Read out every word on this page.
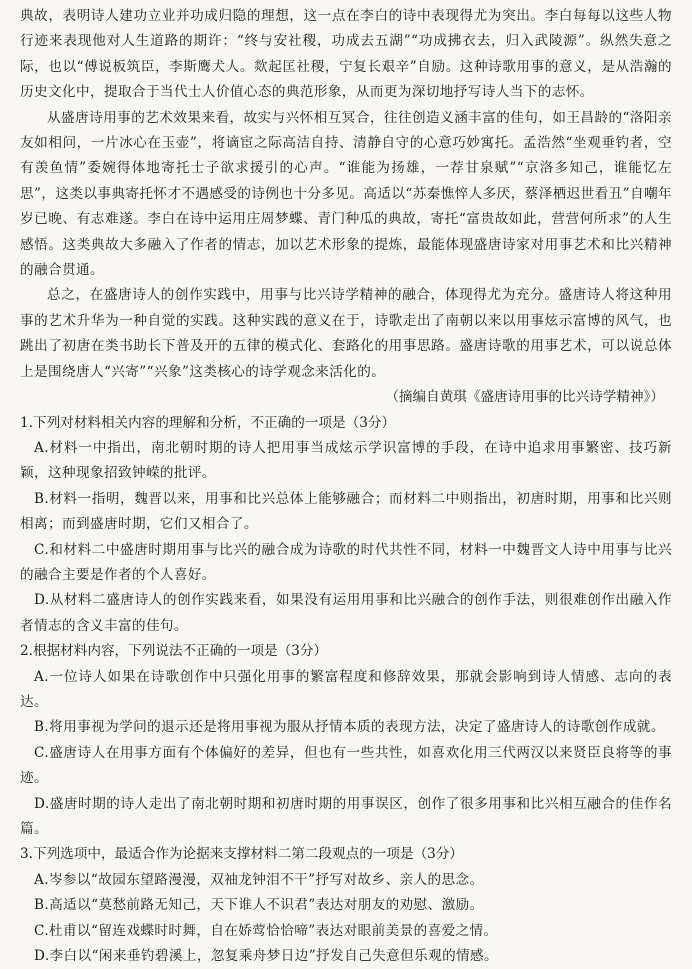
典故，表明诗人建功立业并功成归隐的理想，这一点在李白的诗中表现得尤为突出。李白每每以这些人物行迹来表现他对人生道路的期许：“终与安社稷，功成去五湖”“功成拂衣去，归入武陵源”。纵然失意之际，也以“傅说板筑臣，李斯鹰犬人。欻起匡社稷，宁复长艰辛”自励。这种诗歌用事的意义，是从浩瀚的历史文化中，提取合于当代士人价值心态的典范形象，从而更为深切地抒写诗人当下的志怀。

从盛唐诗用事的艺术效果来看，故实与兴怀相互冥合，往往创造义涵丰富的佳句，如王昌龄的“洛阳亲友如相问，一片冰心在玉壶”，将谪宦之际高洁自持、清静自守的心意巧妙寓托。孟浩然“坐观垂钓者，空有羡鱼情”委婉得体地寄托士子欲求援引的心声。“谁能为扬雄，一荐甘泉赋”“京洛多知己，谁能忆左思”，这类以事典寄托怀才不遇感受的诗例也十分多见。高适以“苏秦憔悴人多厌，蔡泽栖迟世看丑”自嘲年岁已晚、有志难遂。李白在诗中运用庄周梦蝶、青门种瓜的典故，寄托“富贵故如此，营营何所求”的人生感悟。这类典故大多融入了作者的情志，加以艺术形象的提炼，最能体现盛唐诗家对用事艺术和比兴精神的融合贯通。

总之，在盛唐诗人的创作实践中，用事与比兴诗学精神的融合，体现得尤为充分。盛唐诗人将这种用事的艺术升华为一种自觉的实践。这种实践的意义在于，诗歌走出了南朝以来以用事炫示富博的风气，也跳出了初唐在类书助长下普及开的五律的模式化、套路化的用事思路。盛唐诗歌的用事艺术，可以说总体上是围绕唐人“兴寄”“兴象”这类核心的诗学观念来活化的。

（摘编自黄琪《盛唐诗用事的比兴诗学精神》）

1.下列对材料相关内容的理解和分析，不正确的一项是（3分）

A.材料一中指出，南北朝时期的诗人把用事当成炫示学识富博的手段，在诗中追求用事繁密、技巧新颖，这种现象招致钟嵘的批评。

B.材料一指明，魏晋以来，用事和比兴总体上能够融合；而材料二中则指出，初唐时期，用事和比兴则相离；而到盛唐时期，它们又相合了。

C.和材料二中盛唐时期用事与比兴的融合成为诗歌的时代共性不同，材料一中魏晋文人诗中用事与比兴的融合主要是作者的个人喜好。

D.从材料二盛唐诗人的创作实践来看，如果没有运用用事和比兴融合的创作手法，则很难创作出融入作者情志的含义丰富的佳句。

2.根据材料内容，下列说法不正确的一项是（3分）

A.一位诗人如果在诗歌创作中只强化用事的繁富程度和修辞效果，那就会影响到诗人情感、志向的表达。

B.将用事视为学问的退示还是将用事视为服从抒情本质的表现方法，决定了盛唐诗人的诗歌创作成就。

C.盛唐诗人在用事方面有个体偏好的差异，但也有一些共性，如喜欢化用三代两汉以来贤臣良将等的事迹。

D.盛唐时期的诗人走出了南北朝时期和初唐时期的用事误区，创作了很多用事和比兴相互融合的佳作名篇。

3.下列选项中，最适合作为论据来支撑材料二第二段观点的一项是（3分）

A.岑参以“故园东望路漫漫，双袖龙钟泪不干”抒写对故乡、亲人的思念。

B.高适以“莫愁前路无知己，天下谁人不识君”表达对朋友的劝慰、激励。

C.杜甫以“留连戏蝶时时舞，自在娇莺恰恰啼”表达对眼前美景的喜爱之情。

D.李白以“闲来垂钓碧溪上，忽复乘舟梦日边”抒发自己失意但乐观的情感。
